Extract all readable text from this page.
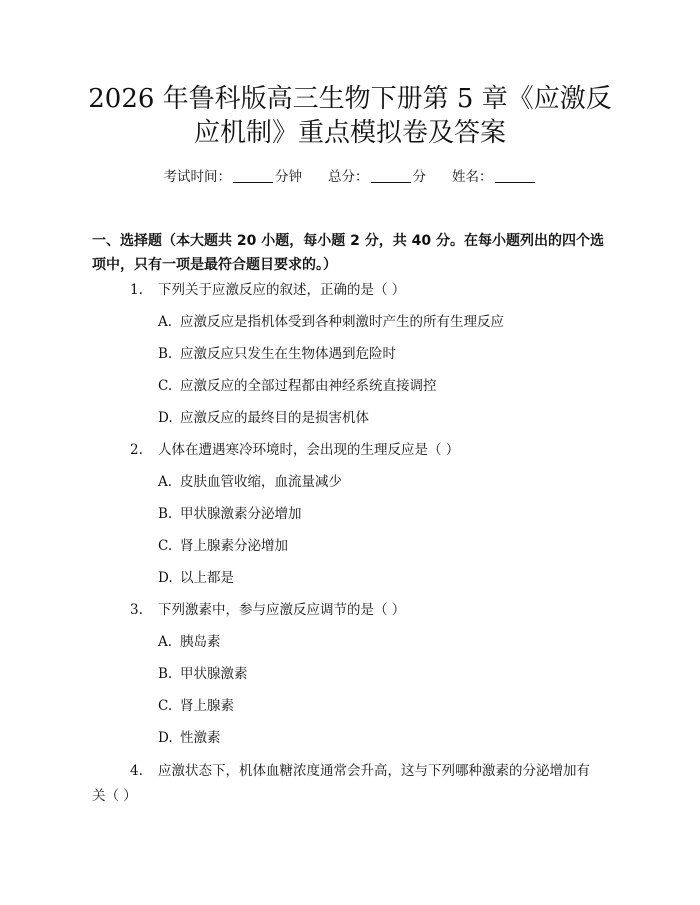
2026 年鲁科版高三生物下册第 5 章《应激反
应机制》重点模拟卷及答案
考试时间：	分钟 总分：	分 姓名：
一、选择题（本大题共 20 小题，每小题 2 分，共 40 分。在每小题列出的四个选项中，只有一项是最符合题目要求的。）
1. 下列关于应激反应的叙述，正确的是（ ）
A. 应激反应是指机体受到各种刺激时产生的所有生理反应
B. 应激反应只发生在生物体遇到危险时
C. 应激反应的全部过程都由神经系统直接调控
D. 应激反应的最终目的是损害机体
2. 人体在遭遇寒冷环境时，会出现的生理反应是（ ）
A. 皮肤血管收缩，血流量减少
B. 甲状腺激素分泌增加
C. 肾上腺素分泌增加
D. 以上都是
3. 下列激素中，参与应激反应调节的是（ ）
A. 胰岛素
B. 甲状腺激素
C. 肾上腺素
D. 性激素
4. 应激状态下，机体血糖浓度通常会升高，这与下列哪种激素的分泌增加有关（ ）
